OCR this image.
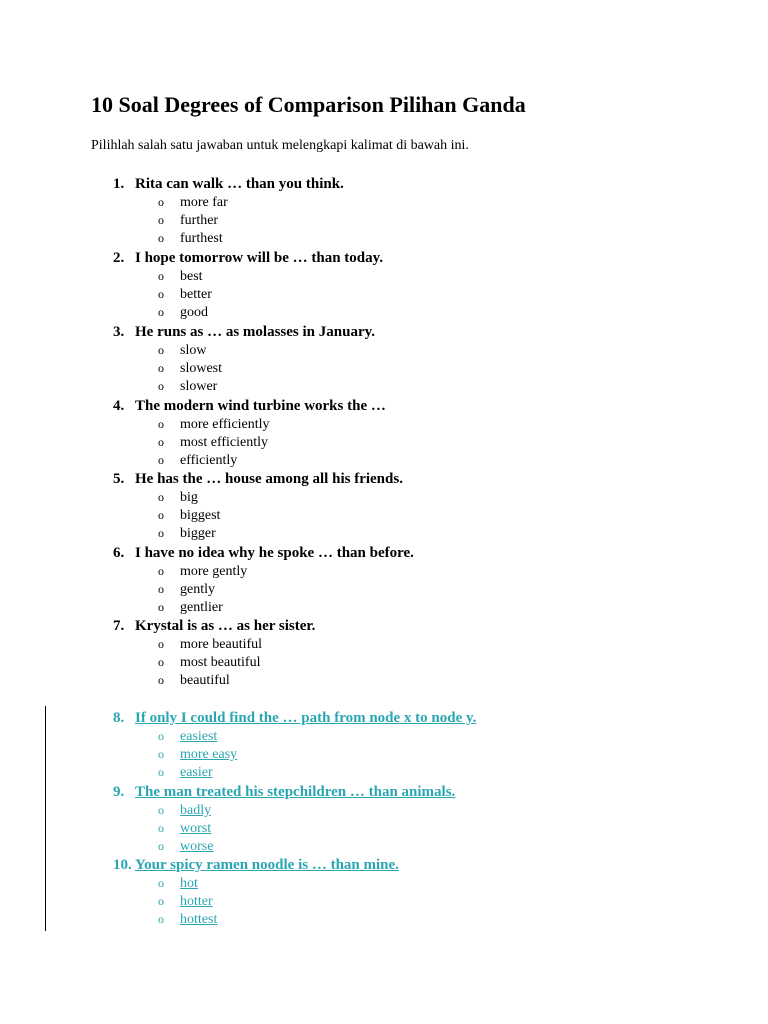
10 Soal Degrees of Comparison Pilihan Ganda
Pilihlah salah satu jawaban untuk melengkapi kalimat di bawah ini.
1. Rita can walk … than you think.
o more far
o further
o furthest
2. I hope tomorrow will be … than today.
o best
o better
o good
3. He runs as … as molasses in January.
o slow
o slowest
o slower
4. The modern wind turbine works the …
o more efficiently
o most efficiently
o efficiently
5. He has the … house among all his friends.
o big
o biggest
o bigger
6. I have no idea why he spoke … than before.
o more gently
o gently
o gentlier
7. Krystal is as … as her sister.
o more beautiful
o most beautiful
o beautiful
8. If only I could find the … path from node x to node y.
o easiest
o more easy
o easier
9. The man treated his stepchildren … than animals.
o badly
o worst
o worse
10. Your spicy ramen noodle is … than mine.
o hot
o hotter
o hottest
